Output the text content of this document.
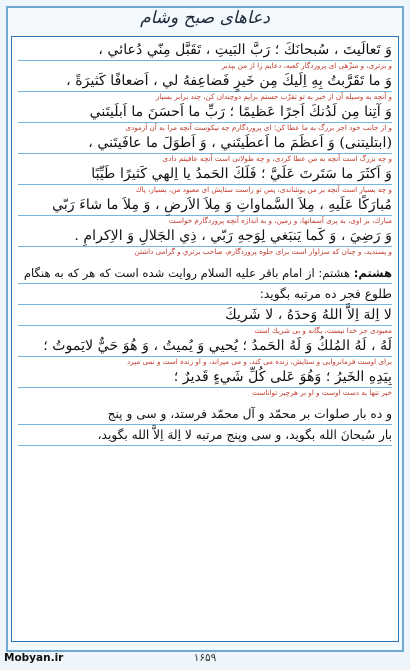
دعاهاى صبح وشام
وَ تَعالَيتَ ، سُبحانَكَ ؛ رَبَّ البَيتِ ، تَقَبَّل مِنّي دُعائي ،
و برترى، و منزّهى اى پروردگار كعبه، دعايم را از من بپذير
وَ ما تَقَرَّبتُ بِهِ اِلَيكَ مِن خَيرٍ فَضاعِفهُ لي ، اَضعافًا كَثيرَةً ،
و آنچه به وسيله آن از خير به تو تقرّب جستم برايم دوچندان كن، چند برابر بسيار
وَ آتِنا مِن لَدُنكَ اَجرًا عَظيمًا ؛ رَبِّ ما اَحسَنَ ما اَبلَيتَني
و از جانب خود اجر بزرگ به ما عطا كن؛ اى پروردگارم چه نيكوست آنچه مرا به آن آزمودى
(ابتلیتنی) وَ اَعظَمَ ما اَعطَيتَني ، وَ اَطوَلَ ما عافَيتَني ،
و چه بزرگ است آنچه به من عطا كردى، و چه طولانى است آنچه عافيتم دادى
وَ اَكثَرَ ما سَتَرتَ عَلَيَّ ؛ فَلَكَ الحَمدُ يا اِلهي كَثيرًا طَيِّبًا
و چه بسيار است آنچه بر من پوشاندى، پس تو راست ستايش اى معبود من، بسيار، پاك
مُبارَكًا عَلَيهِ ، مِلاَ السَّماواتِ وَ مِلاَ الاَرضِ ، وَ مِلاَ ما شاءَ رَبّي
مبارك، بر اوى، به پرى آسمانها، و زمين، و به اندازه آنچه پروردگارم خواست
وَ رَضِيَ ، وَ كَما يَنبَغي لِوَجهِ رَبّي ، ذِي الجَلالِ وَ الاِكرامِ .
و پسنديد، و چنان كه سزاوار است براى جلوه پروردگارم، صاحب برتري و گرامى داشتن
هشتم: هشتم: از امام باقر عليه السلام روايت شده است كه هر كه به هنگام
طلوع فجر ده مرتبه بگويد:
لا اِلهَ اِلاَّ اللهُ وَحدَهُ ، لا شَريكَ
معبودى جز خدا نيست، يگانه و بى شريك است
لَهُ ، لَهُ المُلكُ وَ لَهُ الحَمدُ ؛ يُحيي وَ يُميتُ ، وَ هُوَ حَيٌّ لايَموتُ ؛
براى اوست فرمانروايى و ستايش، زنده مى كند، و مى ميراند، و او زنده است و نمى ميرد
بِيَدِهِ الخَيرُ ؛ وَهُوَ عَلى كُلِّ شَيءٍ قَديرٌ ؛
خير تنها به دست اوست و او بر هرچيز تواناست
و ده بار صلوات بر محمّد و آل محمّد فرستد، و سى و پنج
بار سُبحانَ الله بگويد، و سى وپنج مرتبه لا اِلهَ اِلاَّ الله بگويد،
Mobyan.ir	۱۶۵۹
